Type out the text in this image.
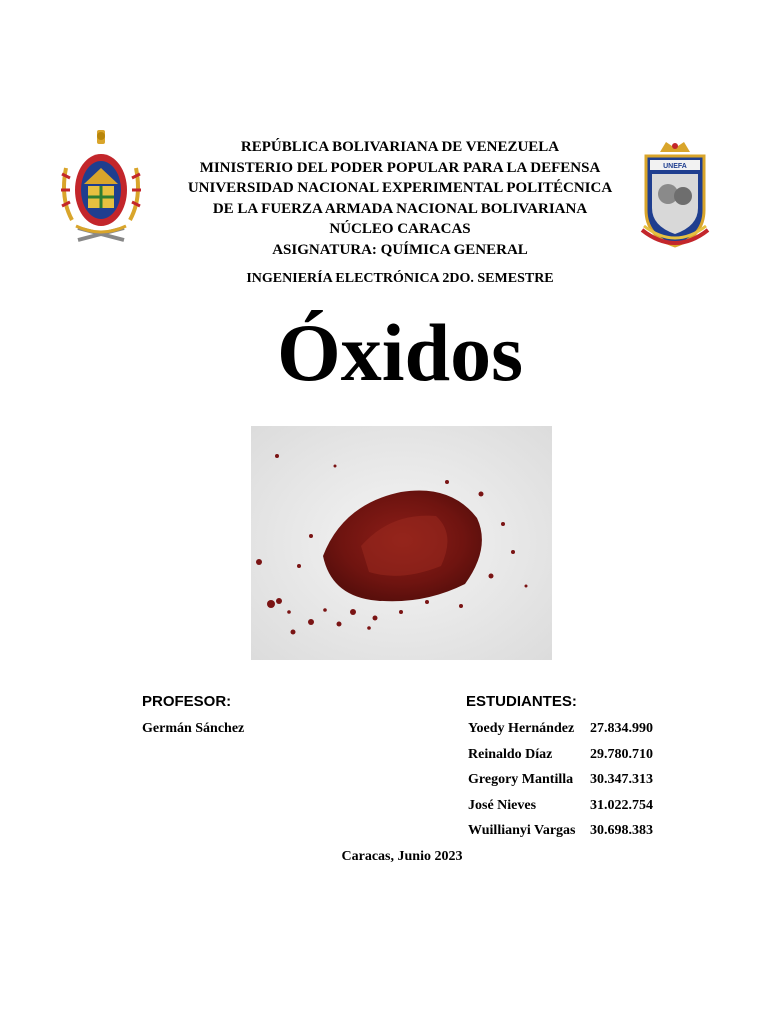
UNEFA
REPÚBLICA BOLIVARIANA DE VENEZUELA
MINISTERIO DEL PODER POPULAR PARA LA DEFENSA
UNIVERSIDAD NACIONAL EXPERIMENTAL POLITÉCNICA
DE LA FUERZA ARMADA NACIONAL BOLIVARIANA
NÚCLEO CARACAS
ASIGNATURA: QUÍMICA GENERAL
INGENIERÍA ELECTRÓNICA 2DO. SEMESTRE
Óxidos
PROFESOR:
Germán Sánchez
ESTUDIANTES:
Yoedy Hernández 27.834.990
Reinaldo Díaz	29.780.710
Gregory Mantilla 30.347.313
José Nieves	31.022.754
Wuillianyi Vargas 30.698.383
Caracas, Junio 2023
